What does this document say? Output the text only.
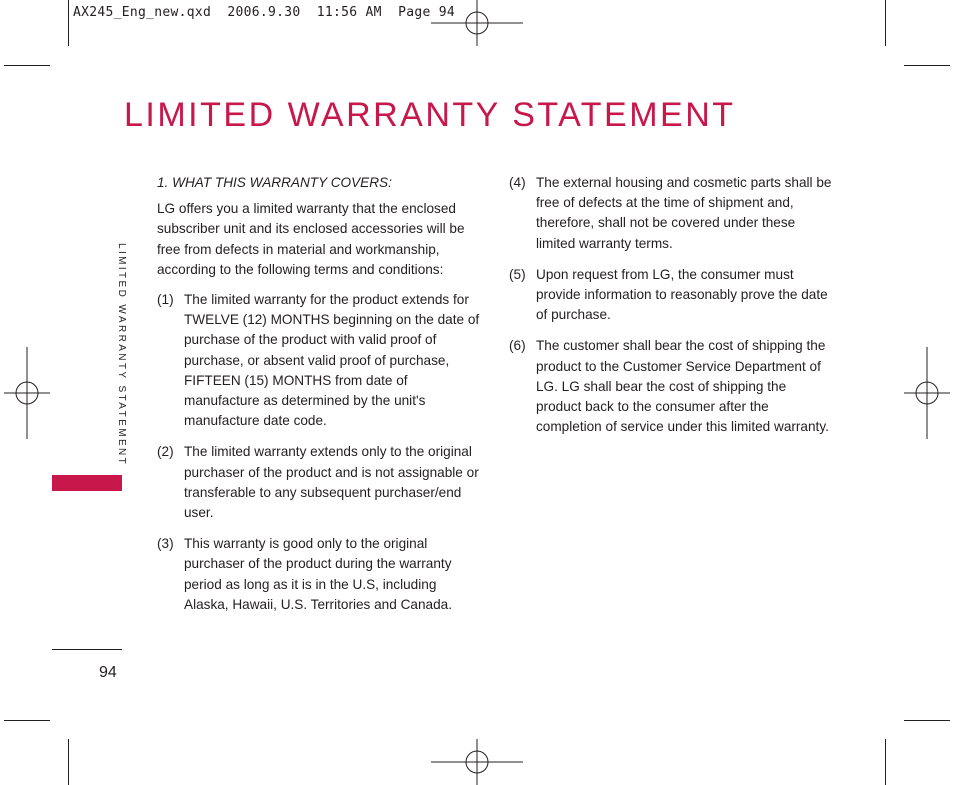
AX245_Eng_new.qxd  2006.9.30  11:56 AM  Page 94
LIMITED WARRANTY STATEMENT
LIMITED WARRANTY STATEMENT
1. WHAT THIS WARRANTY COVERS:
LG offers you a limited warranty that the enclosed subscriber unit and its enclosed accessories will be free from defects in material and workmanship, according to the following terms and conditions:
(1) The limited warranty for the product extends for TWELVE (12) MONTHS beginning on the date of purchase of the product with valid proof of purchase, or absent valid proof of purchase, FIFTEEN (15) MONTHS from date of manufacture as determined by the unit's manufacture date code.
(2) The limited warranty extends only to the original purchaser of the product and is not assignable or transferable to any subsequent purchaser/end user.
(3) This warranty is good only to the original purchaser of the product during the warranty period as long as it is in the U.S, including Alaska, Hawaii, U.S. Territories and Canada.
(4) The external housing and cosmetic parts shall be free of defects at the time of shipment and, therefore, shall not be covered under these limited warranty terms.
(5) Upon request from LG, the consumer must provide information to reasonably prove the date of purchase.
(6) The customer shall bear the cost of shipping the product to the Customer Service Department of LG. LG shall bear the cost of shipping the product back to the consumer after the completion of service under this limited warranty.
94
